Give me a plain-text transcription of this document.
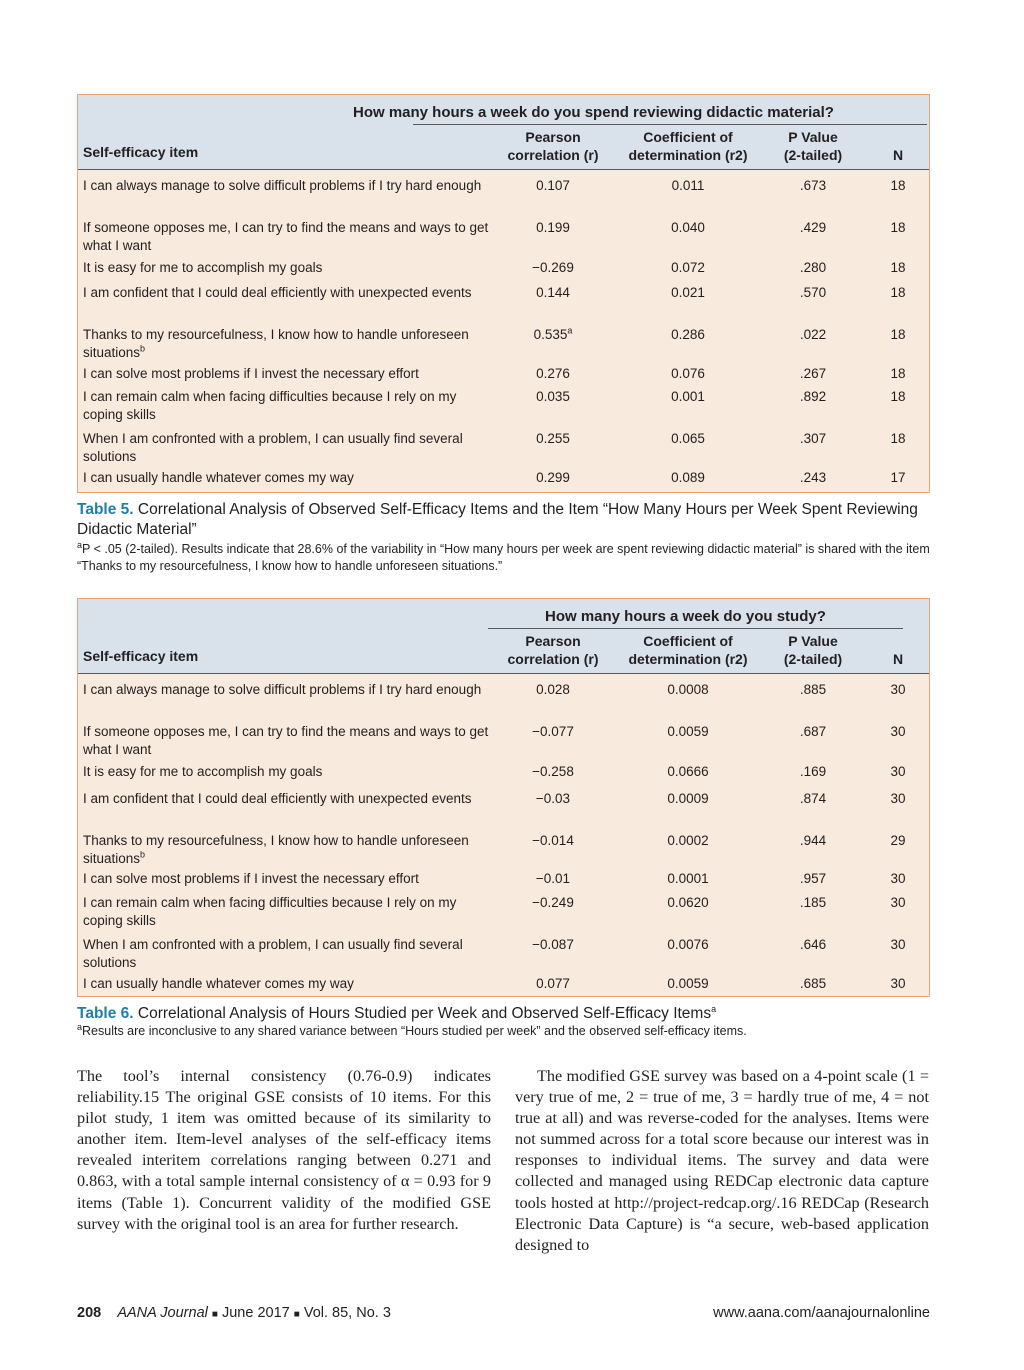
How many hours a week do you spend reviewing didactic material?
Self-efficacy item
Pearson
correlation (r)
Coefficient of
determination (r2)
P Value
(2-tailed)	N
I can always manage to solve difficult problems if I try hard enough	0.107	0.011	.673	18
If someone opposes me, I can try to find the means and ways to get what I want
0.199	0.040	.429	18
It is easy for me to accomplish my goals	−0.269	0.072	.280	18
I am confident that I could deal efficiently with unexpected events	0.144	0.021	.570	18
Thanks to my resourcefulness, I know how to handle unforeseen situations$^b$
0.535$^a$	0.286	.022	18
I can solve most problems if I invest the necessary effort	0.276	0.076	.267	18
I can remain calm when facing difficulties because I rely on my coping skills
0.035	0.001	.892	18
When I am confronted with a problem, I can usually find several solutions
0.255	0.065	.307	18
I can usually handle whatever comes my way	0.299	0.089	.243	17
Table 5. Correlational Analysis of Observed Self-Efficacy Items and the Item “How Many Hours per Week Spent Reviewing Didactic Material”
$^a$P < .05 (2-tailed). Results indicate that 28.6% of the variability in “How many hours per week are spent reviewing didactic material” is shared with the item “Thanks to my resourcefulness, I know how to handle unforeseen situations.”
How many hours a week do you study?
Self-efficacy item
Pearson
correlation (r)
Coefficient of
determination (r2)
P Value
(2-tailed)	N
I can always manage to solve difficult problems if I try hard enough	0.028	0.0008	.885	30
If someone opposes me, I can try to find the means and ways to get what I want
−0.077	0.0059	.687	30
It is easy for me to accomplish my goals	−0.258	0.0666	.169	30
I am confident that I could deal efficiently with unexpected events	−0.03	0.0009	.874	30
Thanks to my resourcefulness, I know how to handle unforeseen situations$^b$
−0.014	0.0002	.944	29
I can solve most problems if I invest the necessary effort	−0.01	0.0001	.957	30
I can remain calm when facing difficulties because I rely on my coping skills
−0.249	0.0620	.185	30
When I am confronted with a problem, I can usually find several solutions
−0.087	0.0076	.646	30
I can usually handle whatever comes my way	0.077	0.0059	.685	30
Table 6. Correlational Analysis of Hours Studied per Week and Observed Self-Efficacy Items$^a$
$^a$Results are inconclusive to any shared variance between “Hours studied per week” and the observed self-efficacy items.

The tool’s internal consistency (0.76-0.9) indicates reliability.15 The original GSE consists of 10 items. For this pilot study, 1 item was omitted because of its similarity to another item. Item-level analyses of the self-efficacy items revealed interitem correlations ranging between 0.271 and 0.863, with a total sample internal consistency of α = 0.93 for 9 items (Table 1). Concurrent validity of the modified GSE survey with the original tool is an area for further research.

The modified GSE survey was based on a 4-point scale (1 = very true of me, 2 = true of me, 3 = hardly true of me, 4 = not true at all) and was reverse-coded for the analyses. Items were not summed across for a total score because our interest was in responses to individual items. The survey and data were collected and managed using REDCap electronic data capture tools hosted at http://project-redcap.org/.16 REDCap (Research Electronic Data Capture) is “a secure, web-based application designed to

208 AANA Journal ■ June 2017 ■ Vol. 85, No. 3	www.aana.com/aanajournalonline
